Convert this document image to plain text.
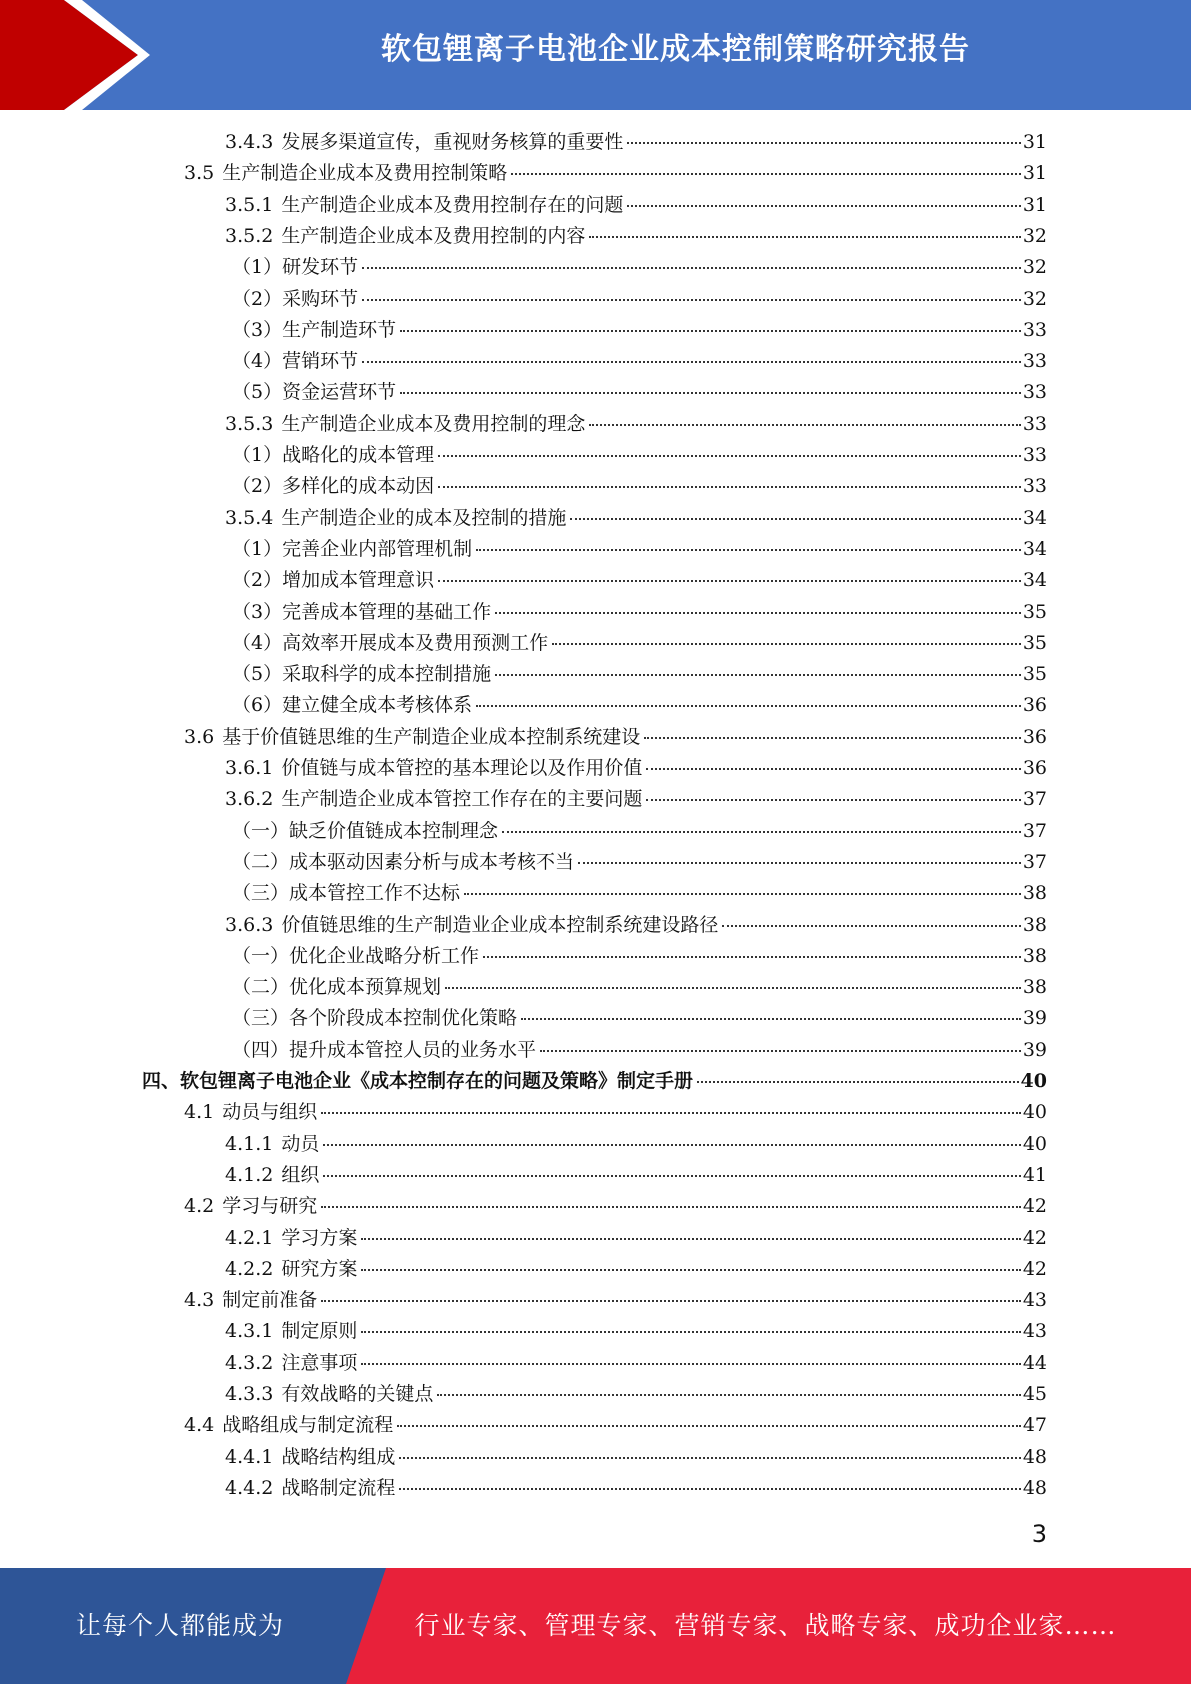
软包锂离子电池企业成本控制策略研究报告
3.4.3 发展多渠道宣传，重视财务核算的重要性	31
3.5 生产制造企业成本及费用控制策略	31
3.5.1 生产制造企业成本及费用控制存在的问题	31
3.5.2 生产制造企业成本及费用控制的内容	32
（1）研发环节	32
（2）采购环节	32
（3）生产制造环节	33
（4）营销环节	33
（5）资金运营环节	33
3.5.3 生产制造企业成本及费用控制的理念	33
（1）战略化的成本管理	33
（2）多样化的成本动因	33
3.5.4 生产制造企业的成本及控制的措施	34
（1）完善企业内部管理机制	34
（2）增加成本管理意识	34
（3）完善成本管理的基础工作	35
（4）高效率开展成本及费用预测工作	35
（5）采取科学的成本控制措施	35
（6）建立健全成本考核体系	36
3.6 基于价值链思维的生产制造企业成本控制系统建设	36
3.6.1 价值链与成本管控的基本理论以及作用价值	36
3.6.2 生产制造企业成本管控工作存在的主要问题	37
（一）缺乏价值链成本控制理念	37
（二）成本驱动因素分析与成本考核不当	37
（三）成本管控工作不达标	38
3.6.3 价值链思维的生产制造业企业成本控制系统建设路径	38
（一）优化企业战略分析工作	38
（二）优化成本预算规划	38
（三）各个阶段成本控制优化策略	39
（四）提升成本管控人员的业务水平	39
四、软包锂离子电池企业《成本控制存在的问题及策略》制定手册	40
4.1 动员与组织	40
4.1.1 动员	40
4.1.2 组织	41
4.2 学习与研究	42
4.2.1 学习方案	42
4.2.2 研究方案	42
4.3 制定前准备	43
4.3.1 制定原则	43
4.3.2 注意事项	44
4.3.3 有效战略的关键点	45
4.4 战略组成与制定流程	47
4.4.1 战略结构组成	48
4.4.2 战略制定流程	48
3
让每个人都能成为	行业专家、管理专家、营销专家、战略专家、成功企业家……
